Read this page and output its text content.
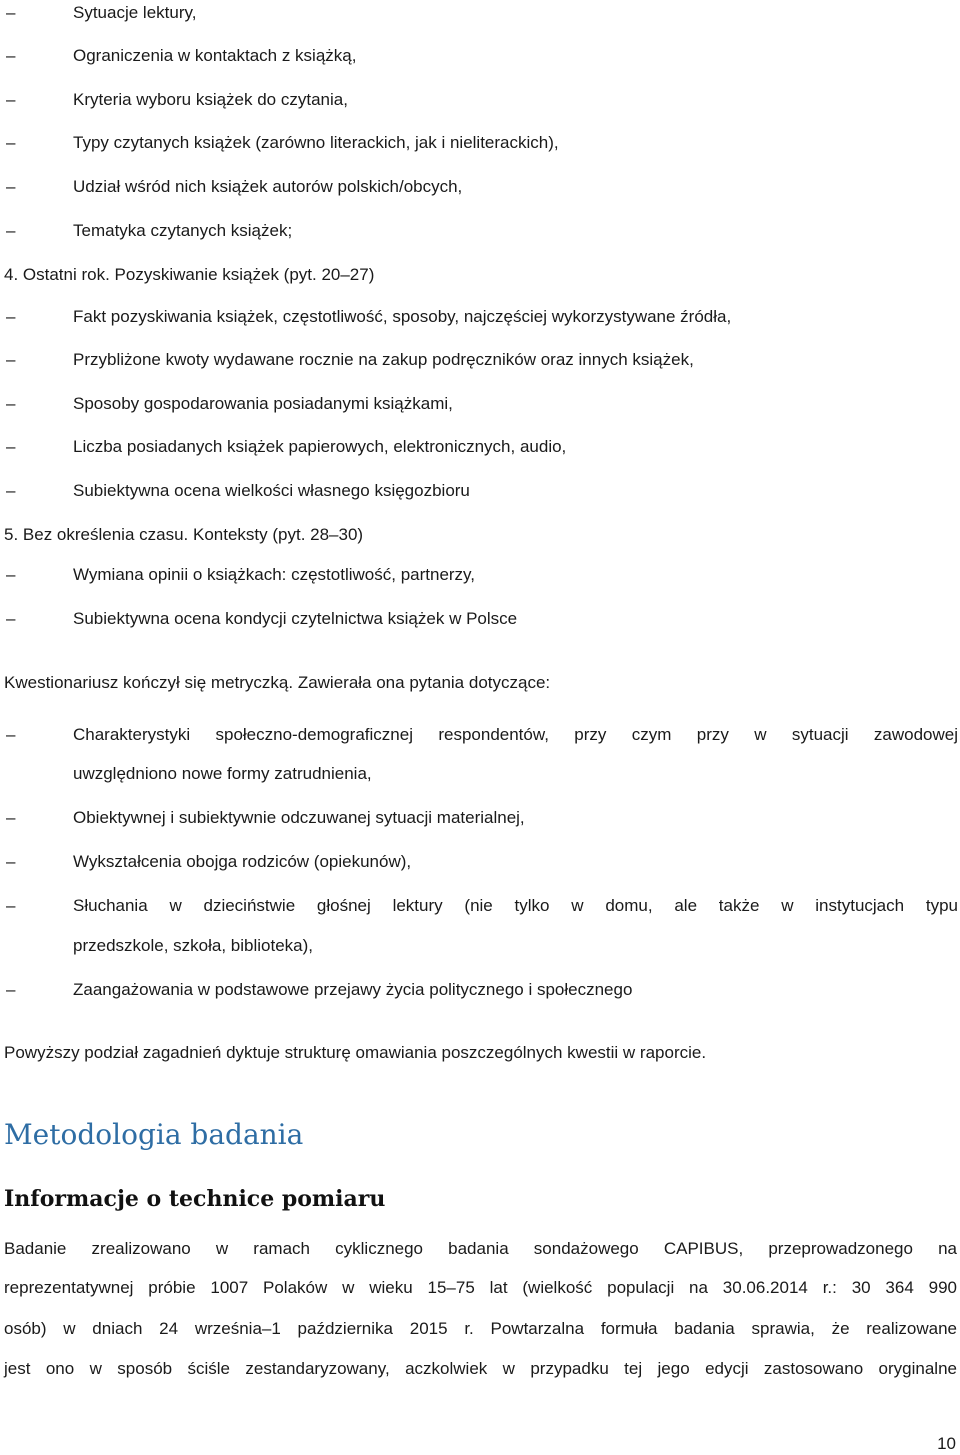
‒	Sytuacje lektury,
‒	Ograniczenia w kontaktach z książką,
‒	Kryteria wyboru książek do czytania,
‒	Typy czytanych książek (zarówno literackich, jak i nieliterackich),
‒	Udział wśród nich książek autorów polskich/obcych,
‒	Tematyka czytanych książek;
4. Ostatni rok. Pozyskiwanie książek (pyt. 20–27)
‒	Fakt pozyskiwania książek, częstotliwość, sposoby, najczęściej wykorzystywane źródła,
‒	Przybliżone kwoty wydawane rocznie na zakup podręczników oraz innych książek,
‒	Sposoby gospodarowania posiadanymi książkami,
‒	Liczba posiadanych książek papierowych, elektronicznych, audio,
‒	Subiektywna ocena wielkości własnego księgozbioru
5. Bez określenia czasu. Konteksty (pyt. 28–30)
‒	Wymiana opinii o książkach: częstotliwość, partnerzy,
‒	Subiektywna ocena kondycji czytelnictwa książek w Polsce
Kwestionariusz kończył się metryczką. Zawierała ona pytania dotyczące:
‒	Charakterystyki społeczno-demograficznej respondentów, przy czym przy w sytuacji zawodowej
uwzględniono nowe formy zatrudnienia,
‒	Obiektywnej i subiektywnie odczuwanej sytuacji materialnej,
‒	Wykształcenia obojga rodziców (opiekunów),
‒	Słuchania w dzieciństwie głośnej lektury (nie tylko w domu, ale także w instytucjach typu
przedszkole, szkoła, biblioteka),
‒	Zaangażowania w podstawowe przejawy życia politycznego i społecznego
Powyższy podział zagadnień dyktuje strukturę omawiania poszczególnych kwestii w raporcie.
Metodologia badania
Informacje o technice pomiaru
Badanie zrealizowano w ramach cyklicznego badania sondażowego CAPIBUS, przeprowadzonego na
reprezentatywnej próbie 1007 Polaków w wieku 15–75 lat (wielkość populacji na 30.06.2014 r.: 30 364 990
osób) w dniach 24 września–1 października 2015 r. Powtarzalna formuła badania sprawia, że realizowane
jest ono w sposób ściśle zestandaryzowany, aczkolwiek w przypadku tej jego edycji zastosowano oryginalne
10
